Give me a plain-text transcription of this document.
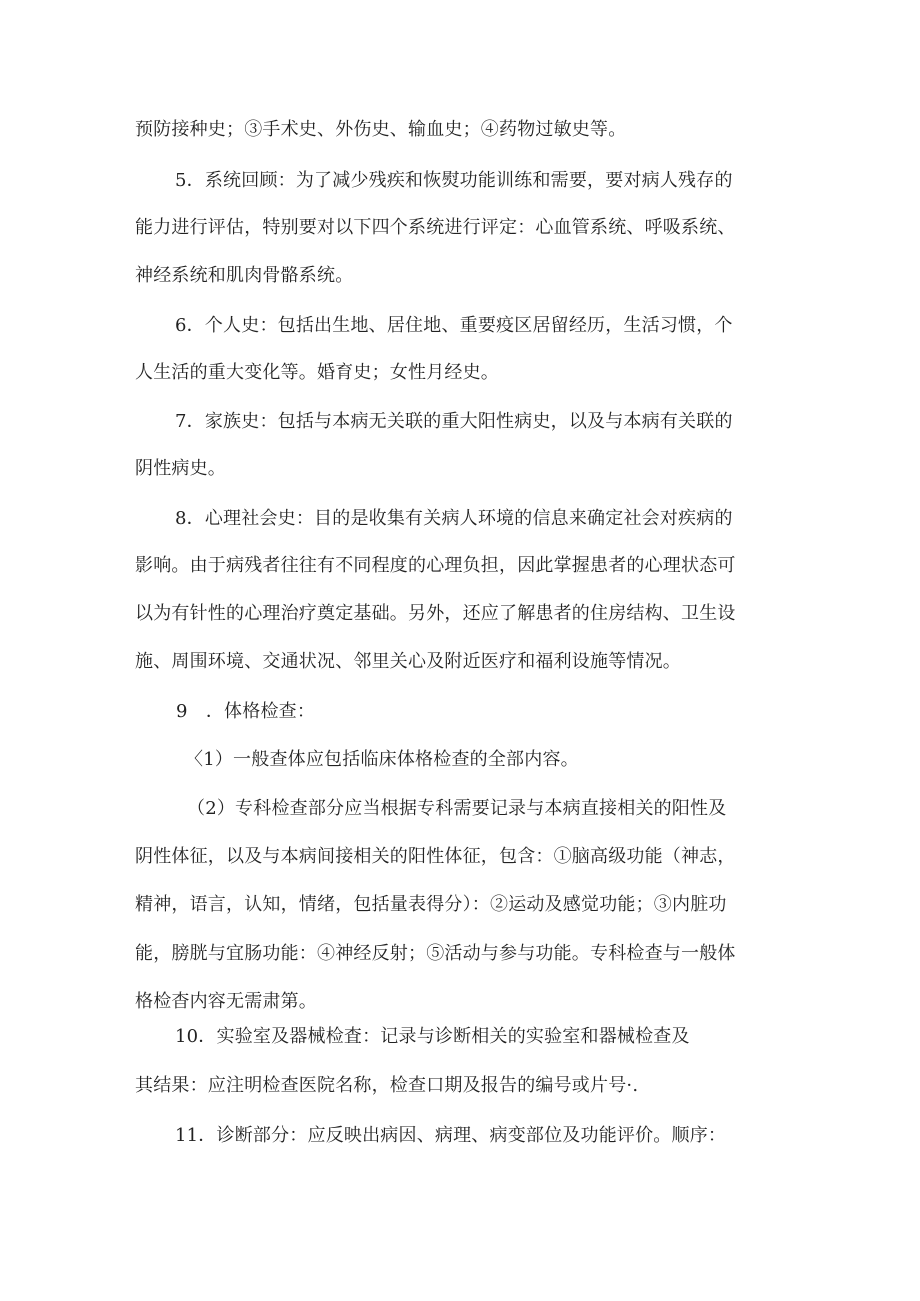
预防接种史；③手术史、外伤史、输血史；④药物过敏史等。
5．系统回顾：为了减少残疾和恢熨功能训练和需要，要对病人残存的
能力进行评估，特别要对以下四个系统进行评定：心血管系统、呼吸系统、
神经系统和肌肉骨骼系统。
6．个人史：包括出生地、居住地、重要疫区居留经历，生活习惯，个
人生活的重大变化等。婚育史；女性月经史。
7．家族史：包括与本病无关联的重大阳性病史，以及与本病有关联的
阴性病史。
8．心理社会史：目的是收集有关病人环境的信息来确定社会对疾病的
影响。由于病残者往往有不同程度的心理负担，因此掌握患者的心理状态可
以为有针性的心理治疗奠定基础。另外，还应了解患者的住房结构、卫生设
施、周围环境、交通状况、邻里关心及附近医疗和福利设施等情况。
9　．体格检查：
〈1）一般查体应包括临床体格检查的全部内容。
（2）专科检查部分应当根据专科需要记录与本病直接相关的阳性及
阴性体征，以及与本病间接相关的阳性体征，包含：①脑高级功能（神志，
精神，语言，认知，情绪，包括量表得分）：②运动及感觉功能；③内脏功
能，膀胱与宜肠功能：④神经反射；⑤活动与参与功能。专科检查与一般体
格检杳内容无需肃第。
10．实验室及器械检査：记录与诊断相关的实验室和器械检查及
其结果：应注明检查医院名称，检查口期及报告的编号或片号·.
11．诊断部分：应反映出病因、病理、病变部位及功能评价。顺序：
